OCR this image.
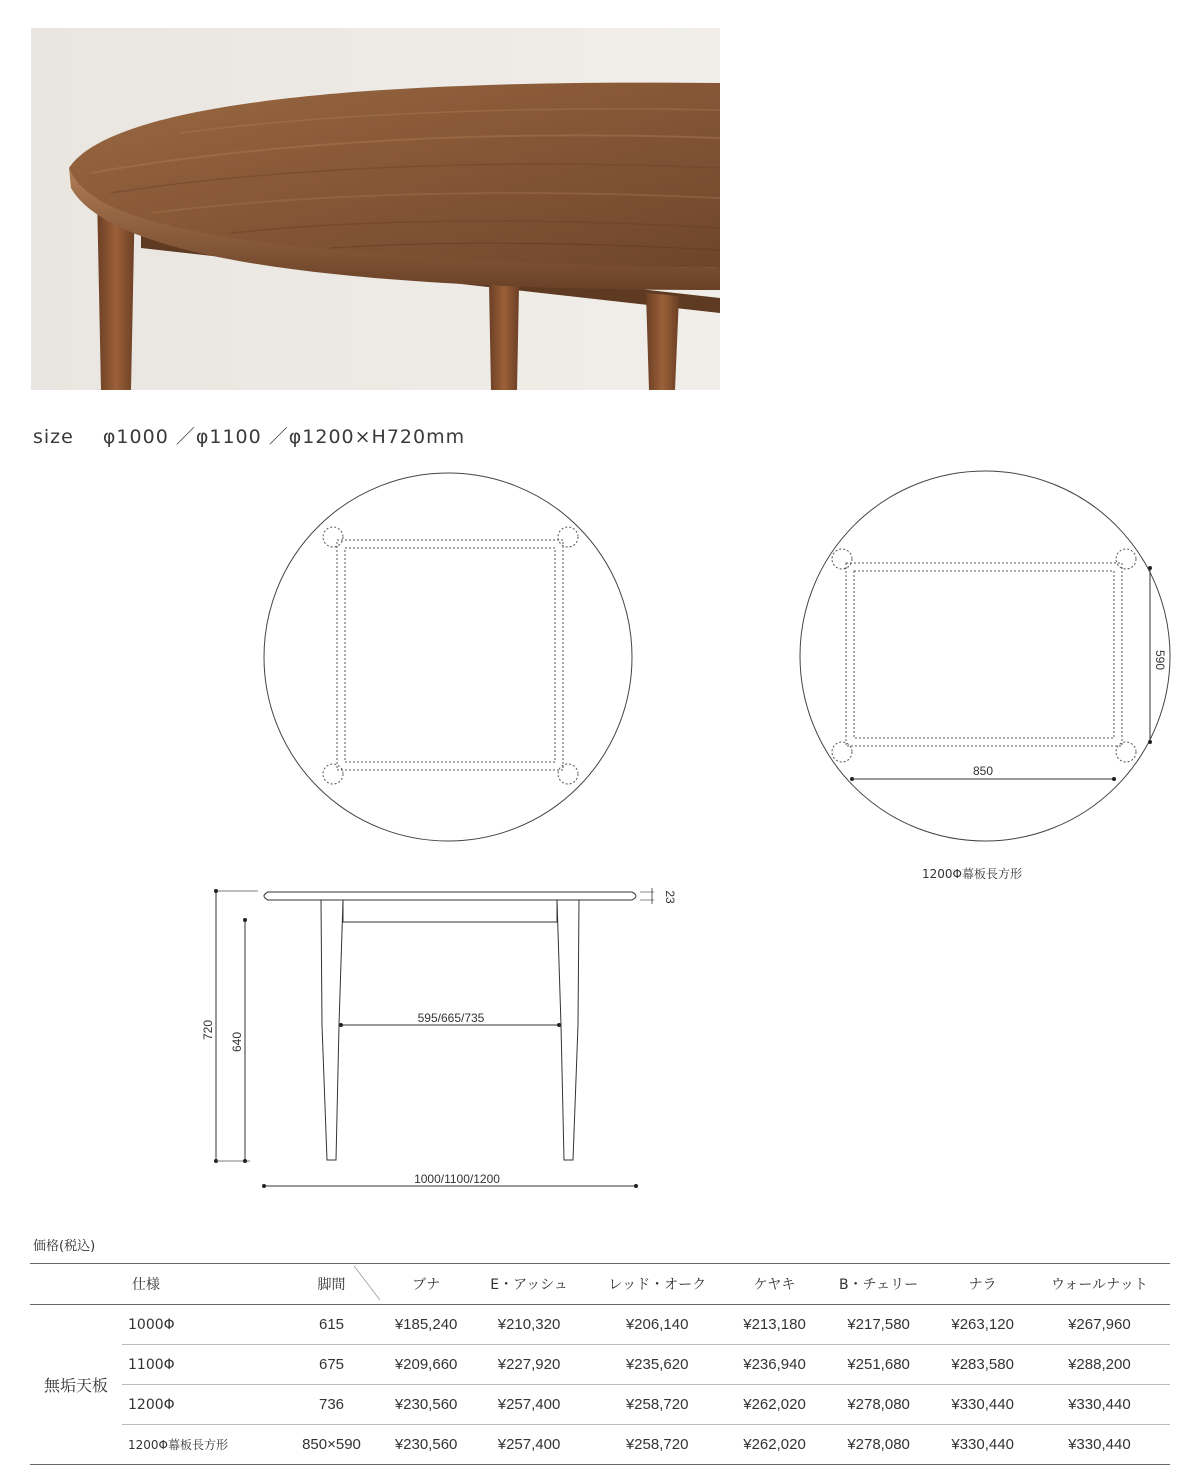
size φ1000 ／φ1100 ／φ1200×H720mm
850
590
595/665/735
1000/1100/1200
720
640
23
1200Φ幕板長方形
価格(税込)
	仕様	脚間	ブナ	E・アッシュ	レッド・オーク	ケヤキ	B・チェリー	ナラ	ウォールナット
無垢天板	1000Φ	615	¥185,240	¥210,320	¥206,140	¥213,180	¥217,580	¥263,120	¥267,960
	1100Φ	675	¥209,660	¥227,920	¥235,620	¥236,940	¥251,680	¥283,580	¥288,200
	1200Φ	736	¥230,560	¥257,400	¥258,720	¥262,020	¥278,080	¥330,440	¥330,440
	1200Φ幕板長方形	850×590	¥230,560	¥257,400	¥258,720	¥262,020	¥278,080	¥330,440	¥330,440
